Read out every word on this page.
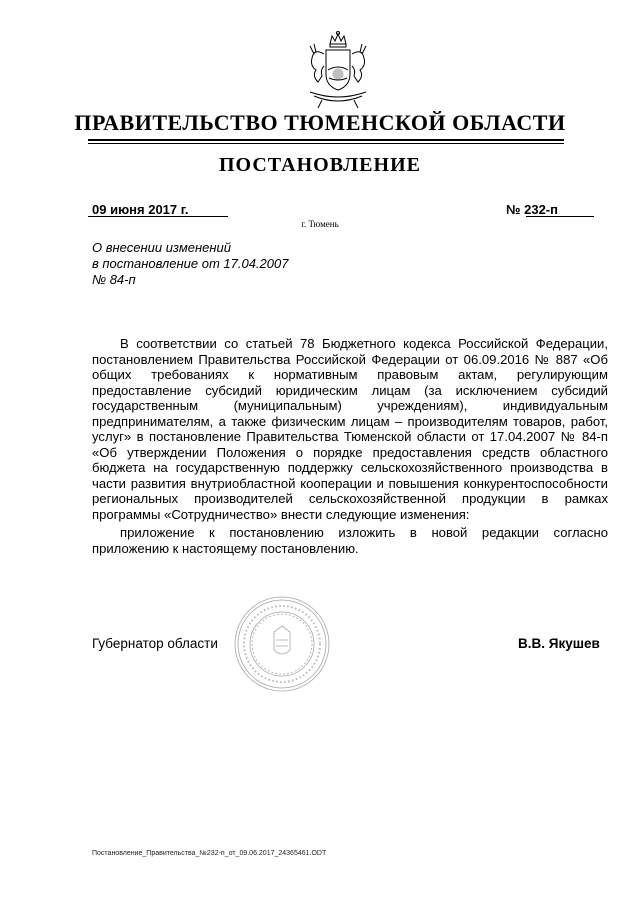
ПРАВИТЕЛЬСТВО ТЮМЕНСКОЙ ОБЛАСТИ
ПОСТАНОВЛЕНИЕ
09 июня 2017 г.	№ 232-п
г. Тюмень
О внесении изменений
в постановление от 17.04.2007
№ 84-п

В соответствии со статьей 78 Бюджетного кодекса Российской Федерации, постановлением Правительства Российской Федерации от 06.09.2016 № 887 «Об общих требованиях к нормативным правовым актам, регулирующим предоставление субсидий юридическим лицам (за исключением субсидий государственным (муниципальным) учреждениям), индивидуальным предпринимателям, а также физическим лицам – производителям товаров, работ, услуг» в постановление Правительства Тюменской области от 17.04.2007 № 84-п «Об утверждении Положения о порядке предоставления средств областного бюджета на государственную поддержку сельскохозяйственного производства в части развития внутриобластной кооперации и повышения конкурентоспособности региональных производителей сельскохозяйственной продукции в рамках программы «Сотрудничество» внести следующие изменения:

приложение к постановлению изложить в новой редакции согласно приложению к настоящему постановлению.

Губернатор области	В.В. Якушев
Постановление_Правительства_№232-п_от_09.06.2017_24365461.ODT
